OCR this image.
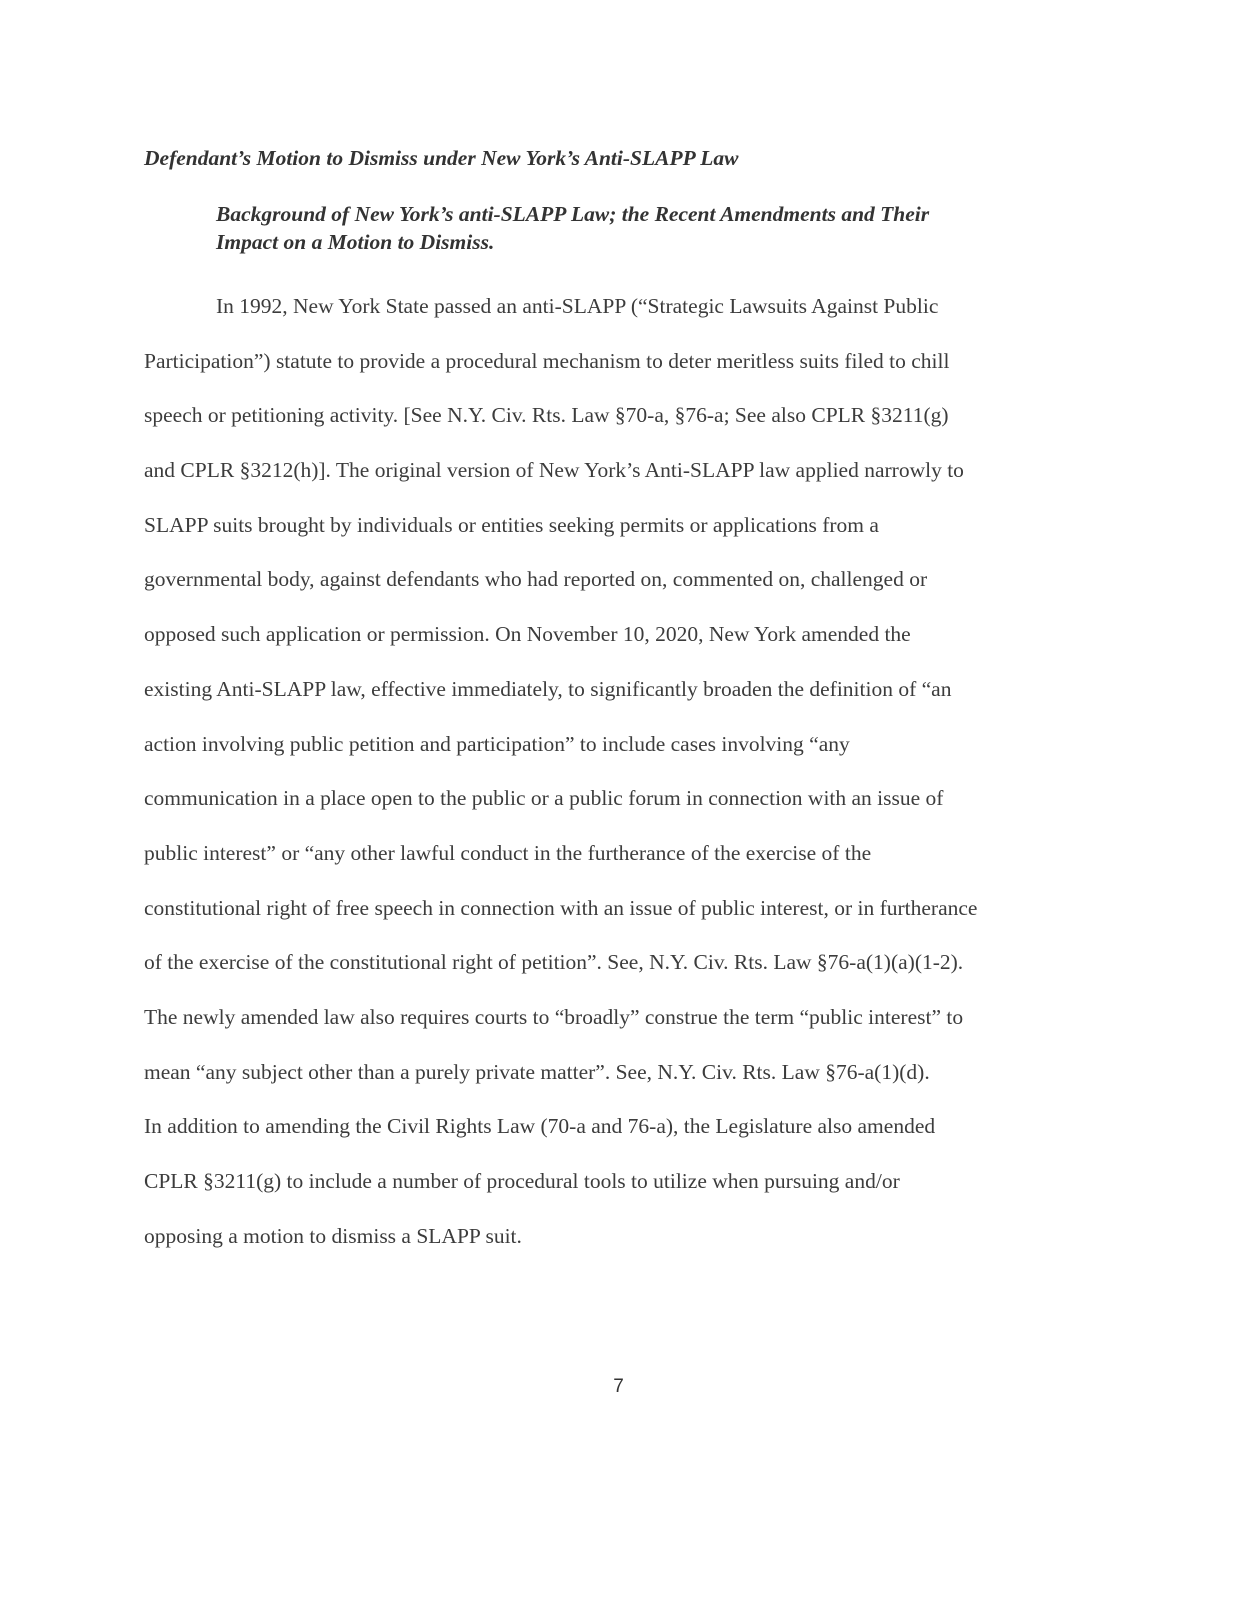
Defendant’s Motion to Dismiss under New York’s Anti-SLAPP Law
Background of New York’s anti-SLAPP Law; the Recent Amendments and Their
Impact on a Motion to Dismiss.
In 1992, New York State passed an anti-SLAPP (“Strategic Lawsuits Against Public
Participation”) statute to provide a procedural mechanism to deter meritless suits filed to chill
speech or petitioning activity. [See N.Y. Civ. Rts. Law §70-a, §76-a; See also CPLR §3211(g)
and CPLR §3212(h)]. The original version of New York’s Anti-SLAPP law applied narrowly to
SLAPP suits brought by individuals or entities seeking permits or applications from a
governmental body, against defendants who had reported on, commented on, challenged or
opposed such application or permission. On November 10, 2020, New York amended the
existing Anti-SLAPP law, effective immediately, to significantly broaden the definition of “an
action involving public petition and participation” to include cases involving “any
communication in a place open to the public or a public forum in connection with an issue of
public interest” or “any other lawful conduct in the furtherance of the exercise of the
constitutional right of free speech in connection with an issue of public interest, or in furtherance
of the exercise of the constitutional right of petition”. See, N.Y. Civ. Rts. Law §76-a(1)(a)(1-2).
The newly amended law also requires courts to “broadly” construe the term “public interest” to
mean “any subject other than a purely private matter”. See, N.Y. Civ. Rts. Law §76-a(1)(d).
In addition to amending the Civil Rights Law (70-a and 76-a), the Legislature also amended
CPLR §3211(g) to include a number of procedural tools to utilize when pursuing and/or
opposing a motion to dismiss a SLAPP suit.
7
